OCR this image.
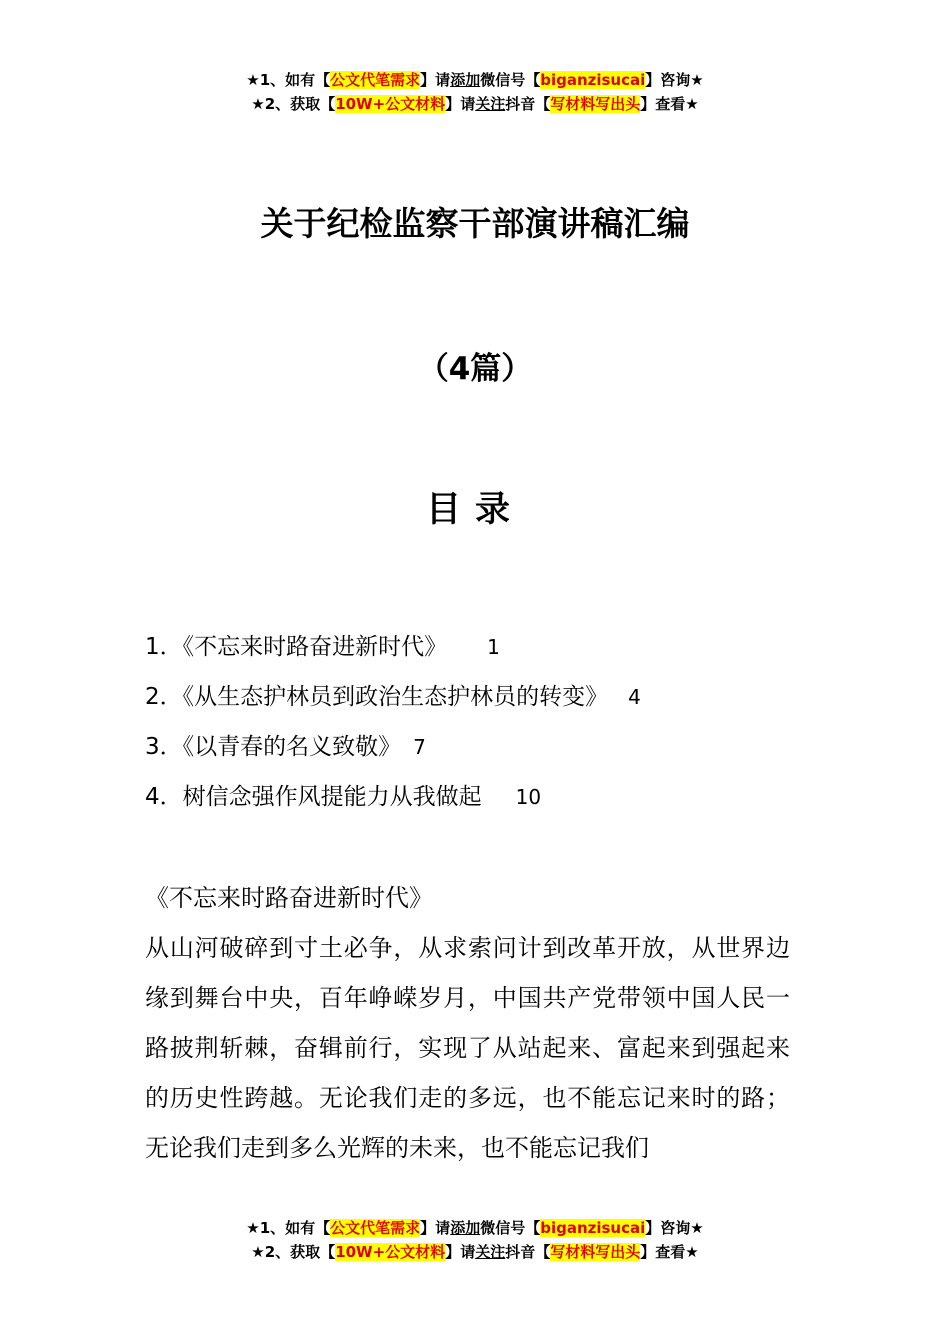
★1、如有【公文代笔需求】请添加微信号【biganzisucai】咨询★
★2、获取【10W+公文材料】请关注抖音【写材料写出头】查看★
关于纪检监察干部演讲稿汇编
（4篇）
目录
1．《不忘来时路奋进新时代》 1
2．《从生态护林员到政治生态护林员的转变》 4
3．《以青春的名义致敬》 7
4．树信念强作风提能力从我做起 10

《不忘来时路奋进新时代》

从山河破碎到寸土必争，从求索问计到改革开放，从世界边缘到舞台中央，百年峥嵘岁月，中国共产党带领中国人民一路披荆斩棘，奋辑前行，实现了从站起来、富起来到强起来的历史性跨越。无论我们走的多远，也不能忘记来时的路；无论我们走到多么光辉的未来，也不能忘记我们

★1、如有【公文代笔需求】请添加微信号【biganzisucai】咨询★
★2、获取【10W+公文材料】请关注抖音【写材料写出头】查看★
